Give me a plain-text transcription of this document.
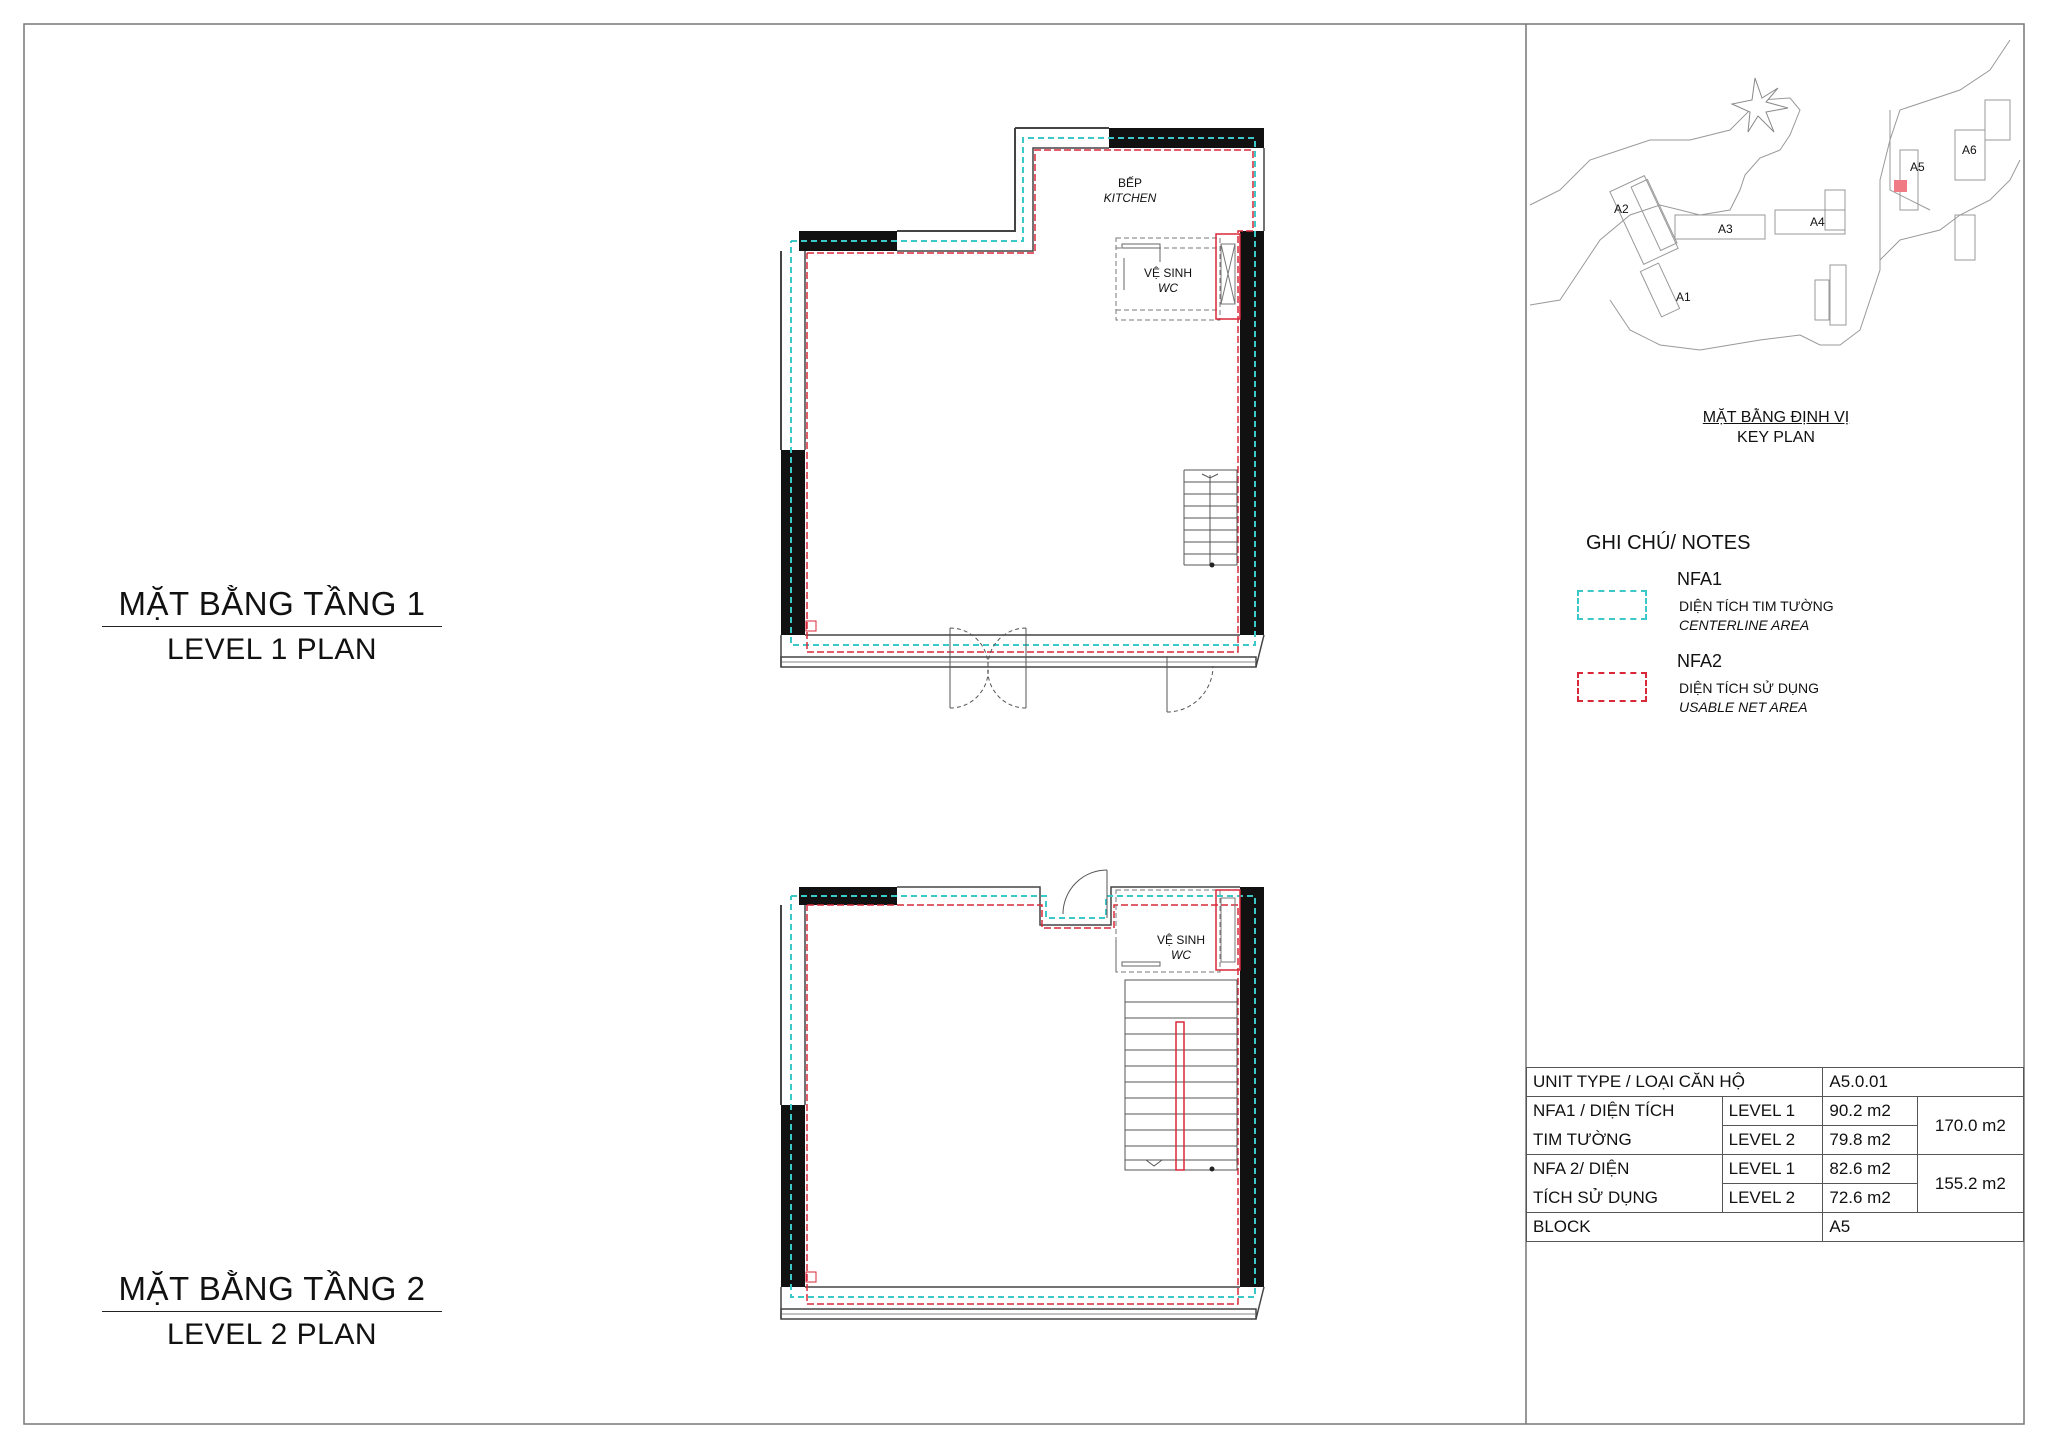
MẶT BẰNG TẦNG 1
LEVEL 1 PLAN
MẶT BẰNG TẦNG 2
LEVEL 2 PLAN
BẾP
KITCHEN
VỆ SINH
WC
VỆ SINH
WC
A2
A1
A3	A4
A5
A6
MẶT BẰNG ĐỊNH VỊ
KEY PLAN
GHI CHÚ/ NOTES
NFA1
DIỆN TÍCH TIM TƯỜNG
CENTERLINE AREA
NFA2
DIỆN TÍCH SỬ DỤNG
USABLE NET AREA
UNIT TYPE / LOẠI CĂN HỘ		A5.0.01	
NFA1 / DIỆN TÍCH	LEVEL 1	90.2 m2	170.0 m2
TIM TƯỜNG	LEVEL 2	79.8 m2	
NFA 2/ DIỆN	LEVEL 1	82.6 m2	155.2 m2
TÍCH SỬ DỤNG	LEVEL 2	72.6 m2	
BLOCK		A5	
